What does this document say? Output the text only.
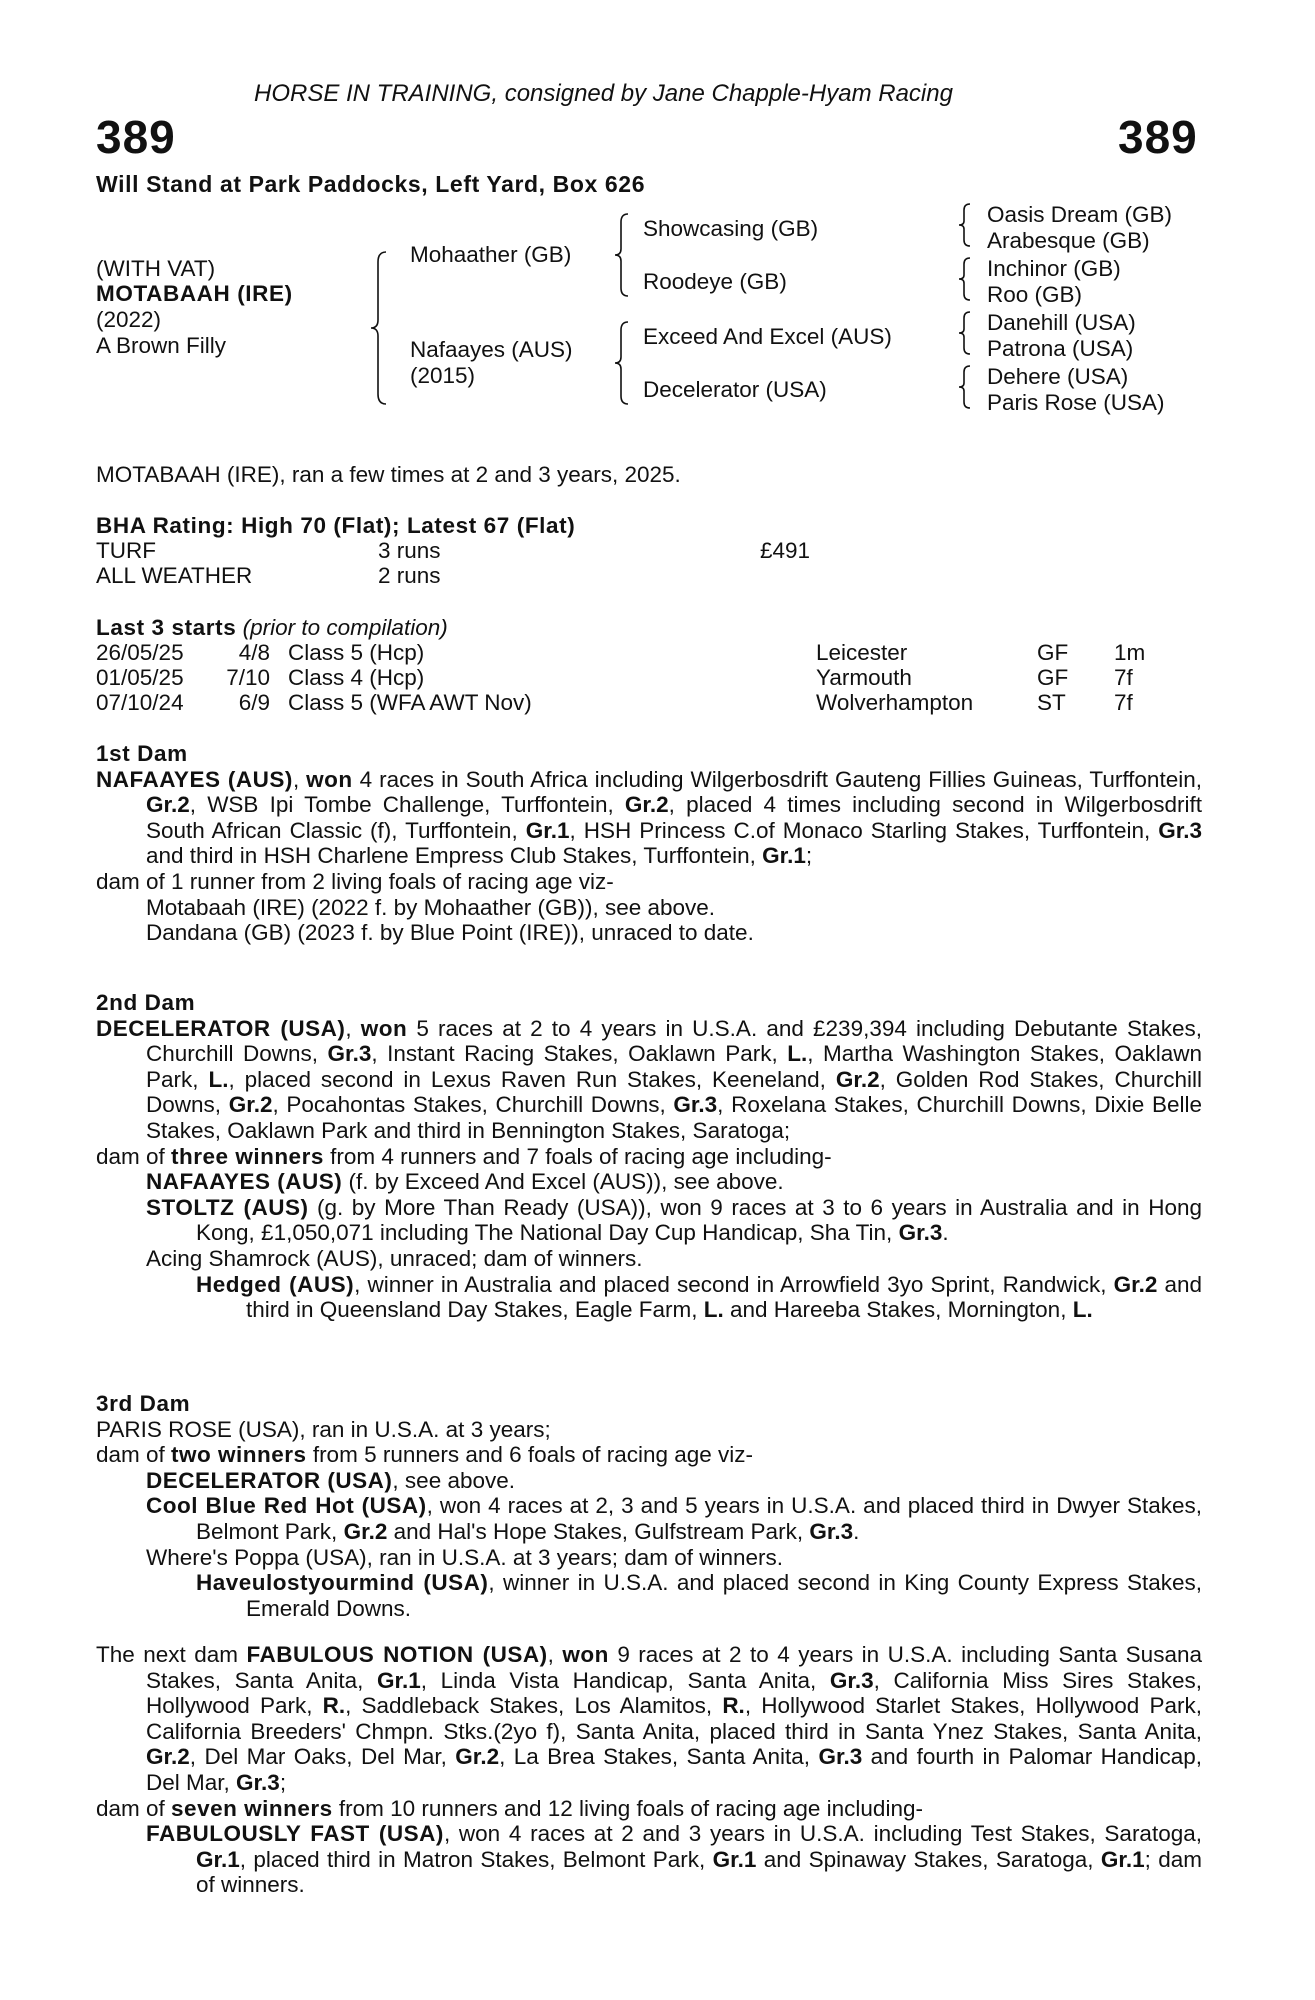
HORSE IN TRAINING, consigned by Jane Chapple-Hyam Racing
389	389
Will Stand at Park Paddocks, Left Yard, Box 626
(WITH VAT)
MOTABAAH (IRE)
(2022)
A Brown Filly
Mohaather (GB)
Nafaayes (AUS)
(2015)
Showcasing (GB)
Roodeye (GB)
Exceed And Excel (AUS)
Decelerator (USA)
Oasis Dream (GB)
Arabesque (GB)
Inchinor (GB)
Roo (GB)
Danehill (USA)
Patrona (USA)
Dehere (USA)
Paris Rose (USA)
MOTABAAH (IRE), ran a few times at 2 and 3 years, 2025.
BHA Rating: High 70 (Flat); Latest 67 (Flat)
TURF	3 runs	£491
ALL WEATHER	2 runs
Last 3 starts (prior to compilation)
26/05/25	4/8 Class 5 (Hcp)	Leicester	GF 1m
01/05/25 7/10 Class 4 (Hcp)	Yarmouth	GF 7f
07/10/24	6/9 Class 5 (WFA AWT Nov)	Wolverhampton	ST 7f
1st Dam
NAFAAYES (AUS), won 4 races in South Africa including Wilgerbosdrift Gauteng Fillies Guineas, Turffontein, Gr.2, WSB Ipi Tombe Challenge, Turffontein, Gr.2, placed 4 times including second in Wilgerbosdrift South African Classic (f), Turffontein, Gr.1, HSH Princess C.of Monaco Starling Stakes, Turffontein, Gr.3 and third in HSH Charlene Empress Club Stakes, Turffontein, Gr.1;
dam of 1 runner from 2 living foals of racing age viz-
Motabaah (IRE) (2022 f. by Mohaather (GB)), see above.
Dandana (GB) (2023 f. by Blue Point (IRE)), unraced to date.
2nd Dam
DECELERATOR (USA), won 5 races at 2 to 4 years in U.S.A. and £239,394 including Debutante Stakes, Churchill Downs, Gr.3, Instant Racing Stakes, Oaklawn Park, L., Martha Washington Stakes, Oaklawn Park, L., placed second in Lexus Raven Run Stakes, Keeneland, Gr.2, Golden Rod Stakes, Churchill Downs, Gr.2, Pocahontas Stakes, Churchill Downs, Gr.3, Roxelana Stakes, Churchill Downs, Dixie Belle Stakes, Oaklawn Park and third in Bennington Stakes, Saratoga;
dam of three winners from 4 runners and 7 foals of racing age including-
NAFAAYES (AUS) (f. by Exceed And Excel (AUS)), see above.
STOLTZ (AUS) (g. by More Than Ready (USA)), won 9 races at 3 to 6 years in Australia and in Hong Kong, £1,050,071 including The National Day Cup Handicap, Sha Tin, Gr.3.
Acing Shamrock (AUS), unraced; dam of winners.
Hedged (AUS), winner in Australia and placed second in Arrowfield 3yo Sprint, Randwick, Gr.2 and third in Queensland Day Stakes, Eagle Farm, L. and Hareeba Stakes, Mornington, L.
3rd Dam
PARIS ROSE (USA), ran in U.S.A. at 3 years;
dam of two winners from 5 runners and 6 foals of racing age viz-
DECELERATOR (USA), see above.
Cool Blue Red Hot (USA), won 4 races at 2, 3 and 5 years in U.S.A. and placed third in Dwyer Stakes, Belmont Park, Gr.2 and Hal's Hope Stakes, Gulfstream Park, Gr.3.
Where's Poppa (USA), ran in U.S.A. at 3 years; dam of winners.
Haveulostyourmind (USA), winner in U.S.A. and placed second in King County Express Stakes, Emerald Downs.
The next dam FABULOUS NOTION (USA), won 9 races at 2 to 4 years in U.S.A. including Santa Susana Stakes, Santa Anita, Gr.1, Linda Vista Handicap, Santa Anita, Gr.3, California Miss Sires Stakes, Hollywood Park, R., Saddleback Stakes, Los Alamitos, R., Hollywood Starlet Stakes, Hollywood Park, California Breeders' Chmpn. Stks.(2yo f), Santa Anita, placed third in Santa Ynez Stakes, Santa Anita, Gr.2, Del Mar Oaks, Del Mar, Gr.2, La Brea Stakes, Santa Anita, Gr.3 and fourth in Palomar Handicap, Del Mar, Gr.3;
dam of seven winners from 10 runners and 12 living foals of racing age including-
FABULOUSLY FAST (USA), won 4 races at 2 and 3 years in U.S.A. including Test Stakes, Saratoga, Gr.1, placed third in Matron Stakes, Belmont Park, Gr.1 and Spinaway Stakes, Saratoga, Gr.1; dam of winners.
